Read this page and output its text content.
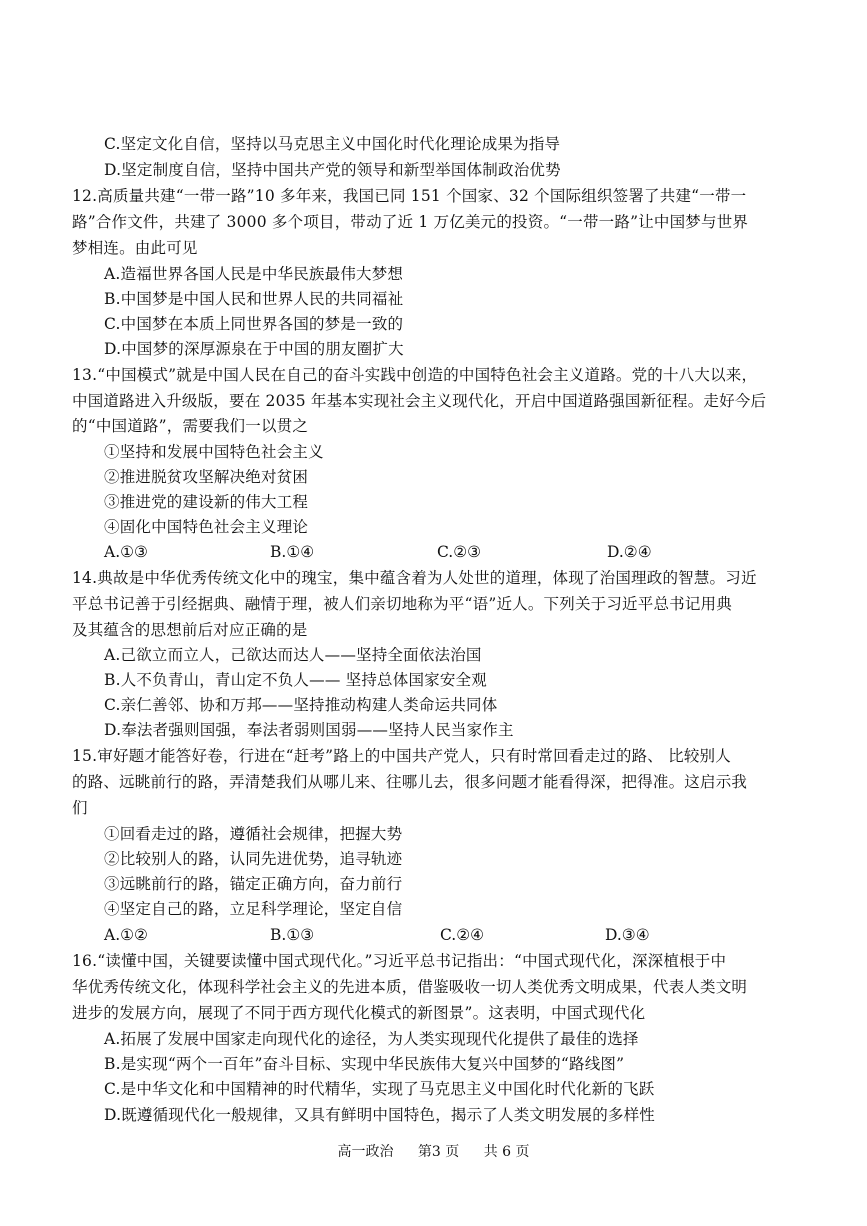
C.坚定文化自信，坚持以马克思主义中国化时代化理论成果为指导
D.坚定制度自信，坚持中国共产党的领导和新型举国体制政治优势
12.高质量共建“一带一路”10 多年来，我国已同 151 个国家、32 个国际组织签署了共建“一带一
路”合作文件，共建了 3000 多个项目，带动了近 1 万亿美元的投资。“一带一路”让中国梦与世界
梦相连。由此可见
A.造福世界各国人民是中华民族最伟大梦想
B.中国梦是中国人民和世界人民的共同福祉
C.中国梦在本质上同世界各国的梦是一致的
D.中国梦的深厚源泉在于中国的朋友圈扩大
13.“中国模式”就是中国人民在自己的奋斗实践中创造的中国特色社会主义道路。党的十八大以来，
中国道路进入升级版，要在 2035 年基本实现社会主义现代化，开启中国道路强国新征程。走好今后
的“中国道路”，需要我们一以贯之
①坚持和发展中国特色社会主义
②推进脱贫攻坚解决绝对贫困
③推进党的建设新的伟大工程
④固化中国特色社会主义理论
A.①③	B.①④	C.②③	D.②④
14.典故是中华优秀传统文化中的瑰宝，集中蕴含着为人处世的道理，体现了治国理政的智慧。习近
平总书记善于引经据典、融情于理，被人们亲切地称为平“语”近人。下列关于习近平总书记用典
及其蕴含的思想前后对应正确的是
A.己欲立而立人，己欲达而达人——坚持全面依法治国
B.人不负青山，青山定不负人—— 坚持总体国家安全观
C.亲仁善邻、协和万邦——坚持推动构建人类命运共同体
D.奉法者强则国强，奉法者弱则国弱——坚持人民当家作主
15.审好题才能答好卷，行进在“赶考”路上的中国共产党人，只有时常回看走过的路、 比较别人
的路、远眺前行的路，弄清楚我们从哪儿来、往哪儿去，很多问题才能看得深，把得准。这启示我
们
①回看走过的路，遵循社会规律，把握大势
②比较别人的路，认同先进优势，追寻轨迹
③远眺前行的路，锚定正确方向，奋力前行
④坚定自己的路，立足科学理论，坚定自信
A.①②	B.①③	C.②④	D.③④
16.“读懂中国，关键要读懂中国式现代化。”习近平总书记指出：“中国式现代化，深深植根于中
华优秀传统文化，体现科学社会主义的先进本质，借鉴吸收一切人类优秀文明成果，代表人类文明
进步的发展方向，展现了不同于西方现代化模式的新图景”。这表明，中国式现代化
A.拓展了发展中国家走向现代化的途径，为人类实现现代化提供了最佳的选择
B.是实现“两个一百年”奋斗目标、实现中华民族伟大复兴中国梦的“路线图”
C.是中华文化和中国精神的时代精华，实现了马克思主义中国化时代化新的飞跃
D.既遵循现代化一般规律，又具有鲜明中国特色，揭示了人类文明发展的多样性
高一政治 第3 页 共 6 页
